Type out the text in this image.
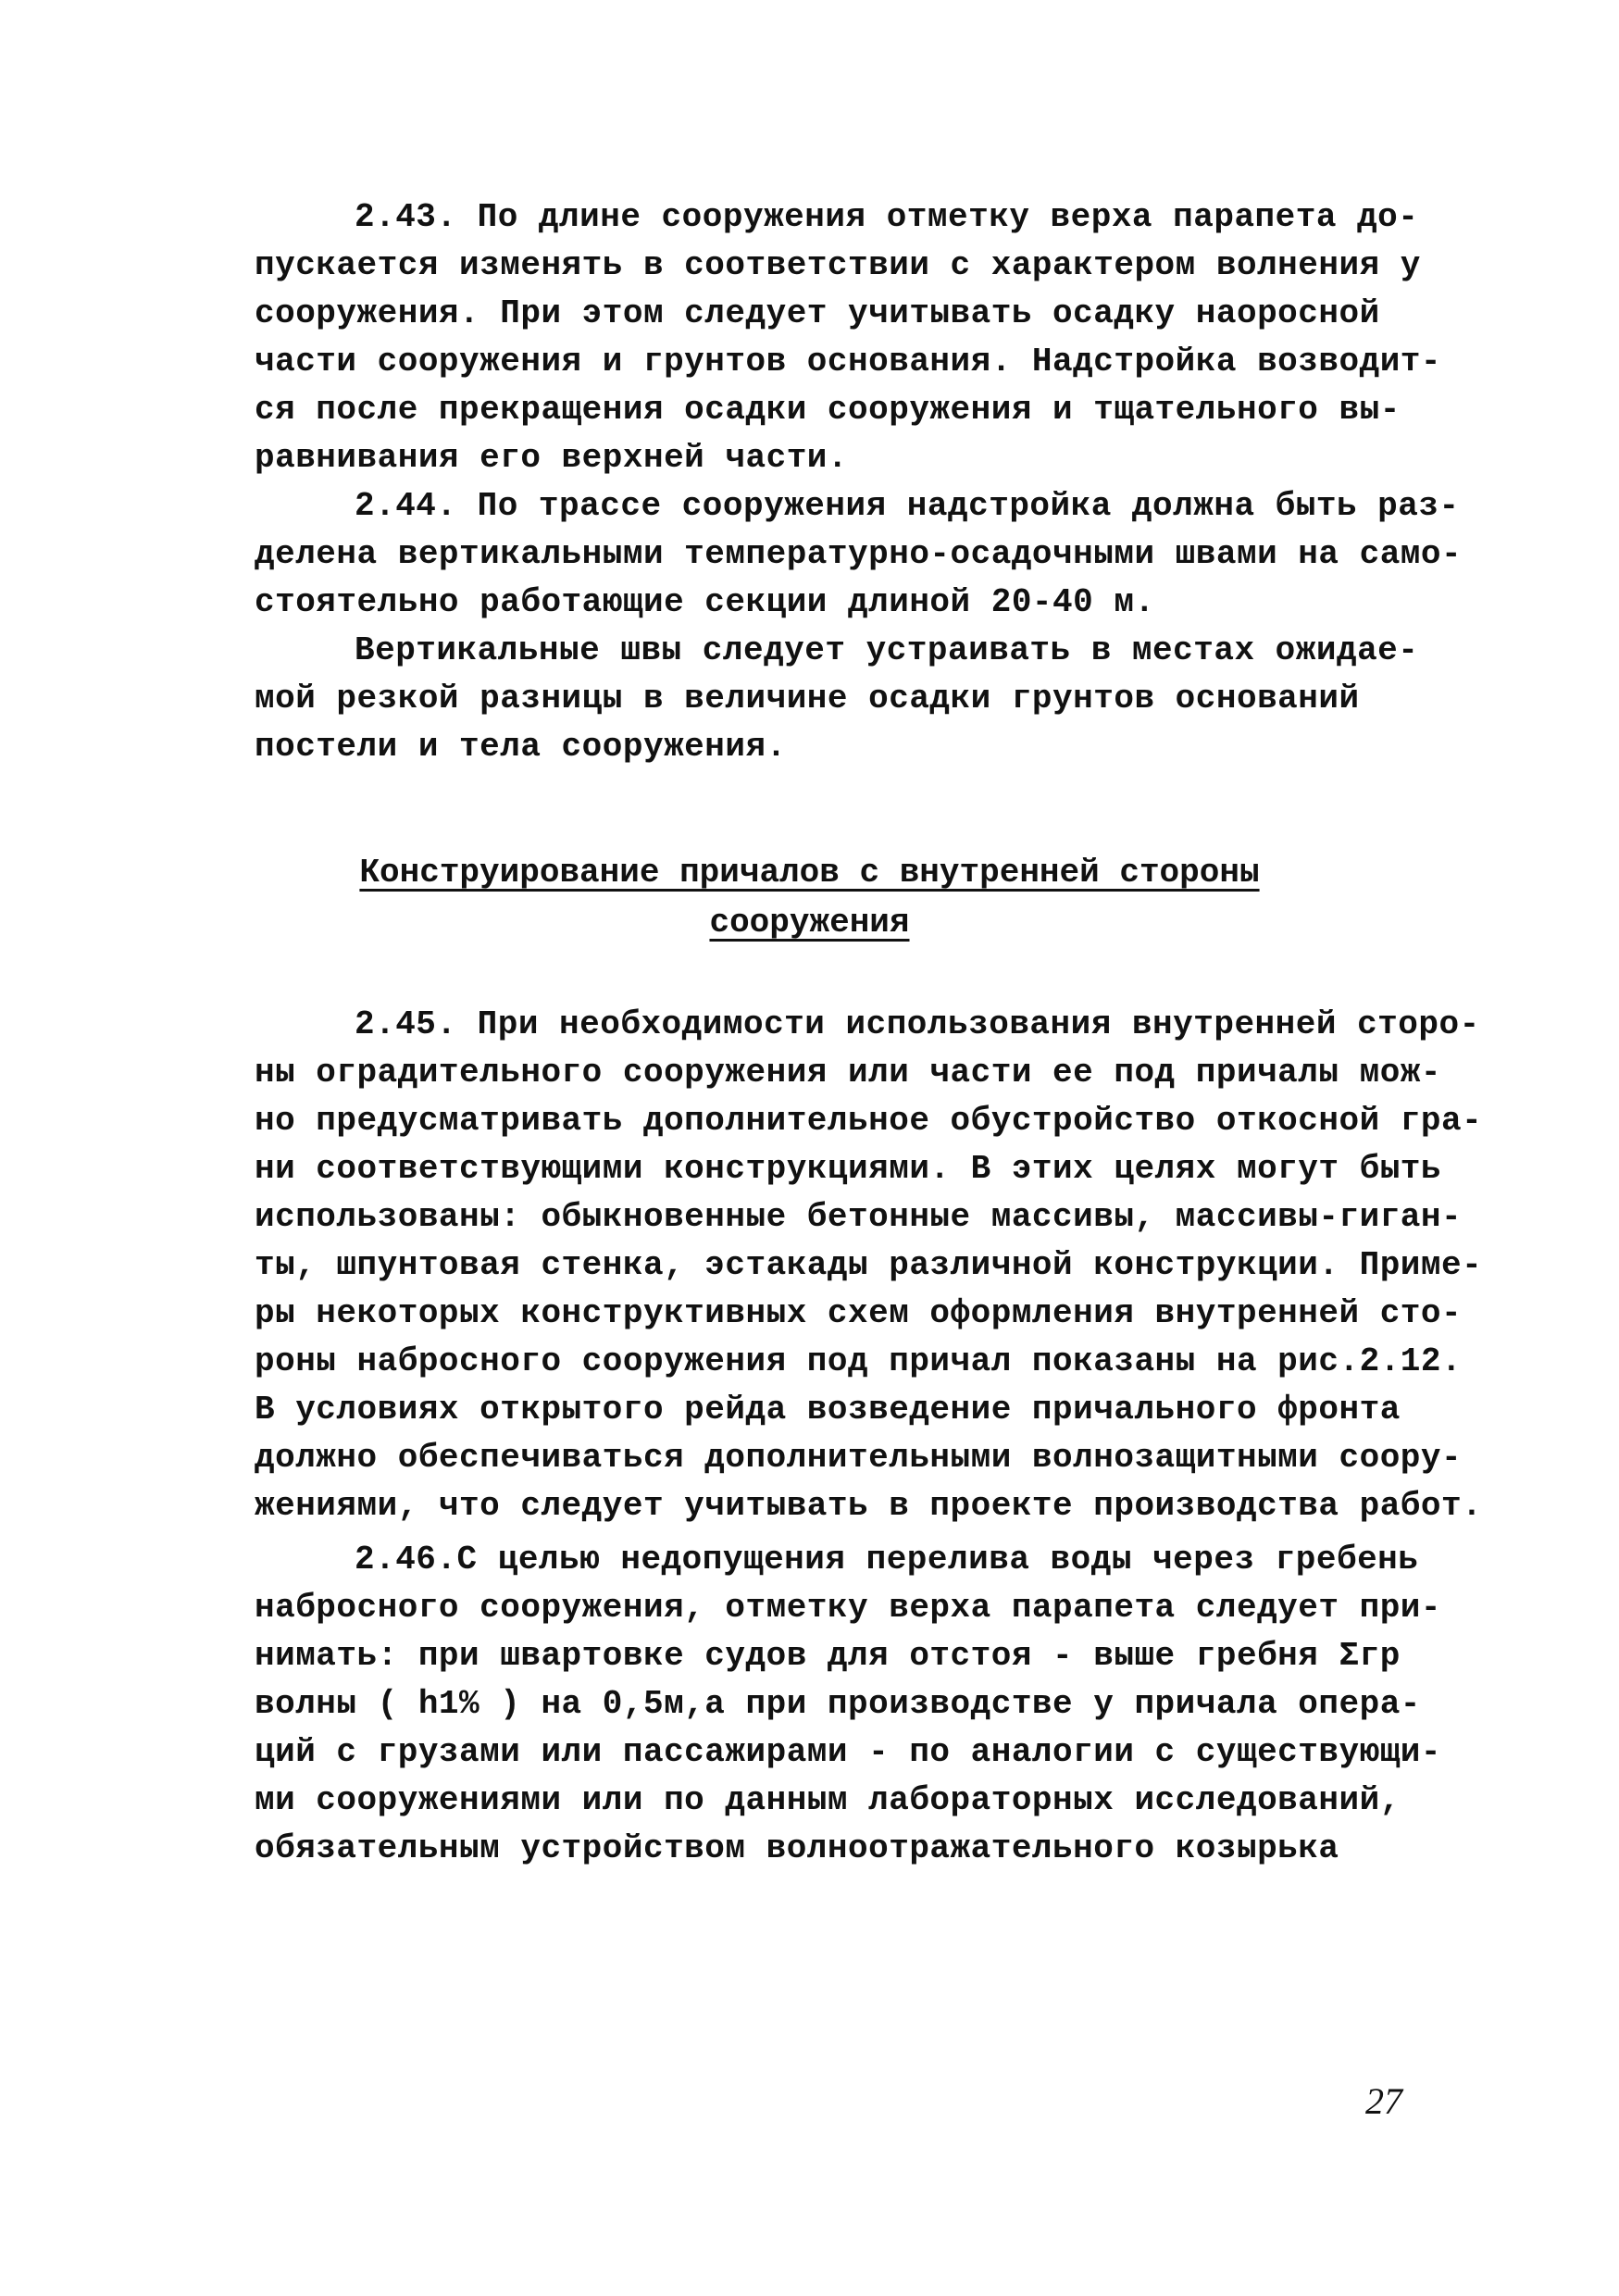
2.43. По длине сооружения отметку верха парапета до-
пускается изменять в соответствии с характером волнения у
сооружения. При этом следует учитывать осадку наоросной
части сооружения и грунтов основания. Надстройка возводит-
ся после прекращения осадки сооружения и тщательного вы-
равнивания его верхней части.
2.44. По трассе сооружения надстройка должна быть раз-
делена вертикальными температурно-осадочными швами на само-
стоятельно работающие секции длиной 20-40 м.
Вертикальные швы следует устраивать в местах ожидае-
мой резкой разницы в величине осадки грунтов оснований
постели и тела сооружения.
Конструирование причалов с внутренней стороны
сооружения
2.45. При необходимости использования внутренней сторо-
ны оградительного сооружения или части ее под причалы мож-
но предусматривать дополнительное обустройство откосной гра-
ни соответствующими конструкциями. В этих целях могут быть
использованы: обыкновенные бетонные массивы, массивы-гиган-
ты, шпунтовая стенка, эстакады различной конструкции. Приме-
ры некоторых конструктивных схем оформления внутренней сто-
роны набросного сооружения под причал показаны на рис.2.12.
В условиях открытого рейда возведение причального фронта
должно обеспечиваться дополнительными волнозащитными соору-
жениями, что следует учитывать в проекте производства работ.
2.46.С целью недопущения перелива воды через гребень
набросного сооружения, отметку верха парапета следует при-
нимать: при швартовке судов для отстоя - выше гребня Σгр
волны ( h1% ) на 0,5м,а при производстве у причала опера-
ций с грузами или пассажирами - по аналогии с существующи-
ми сооружениями или по данным лабораторных исследований,
обязательным устройством волноотражательного козырька
27
